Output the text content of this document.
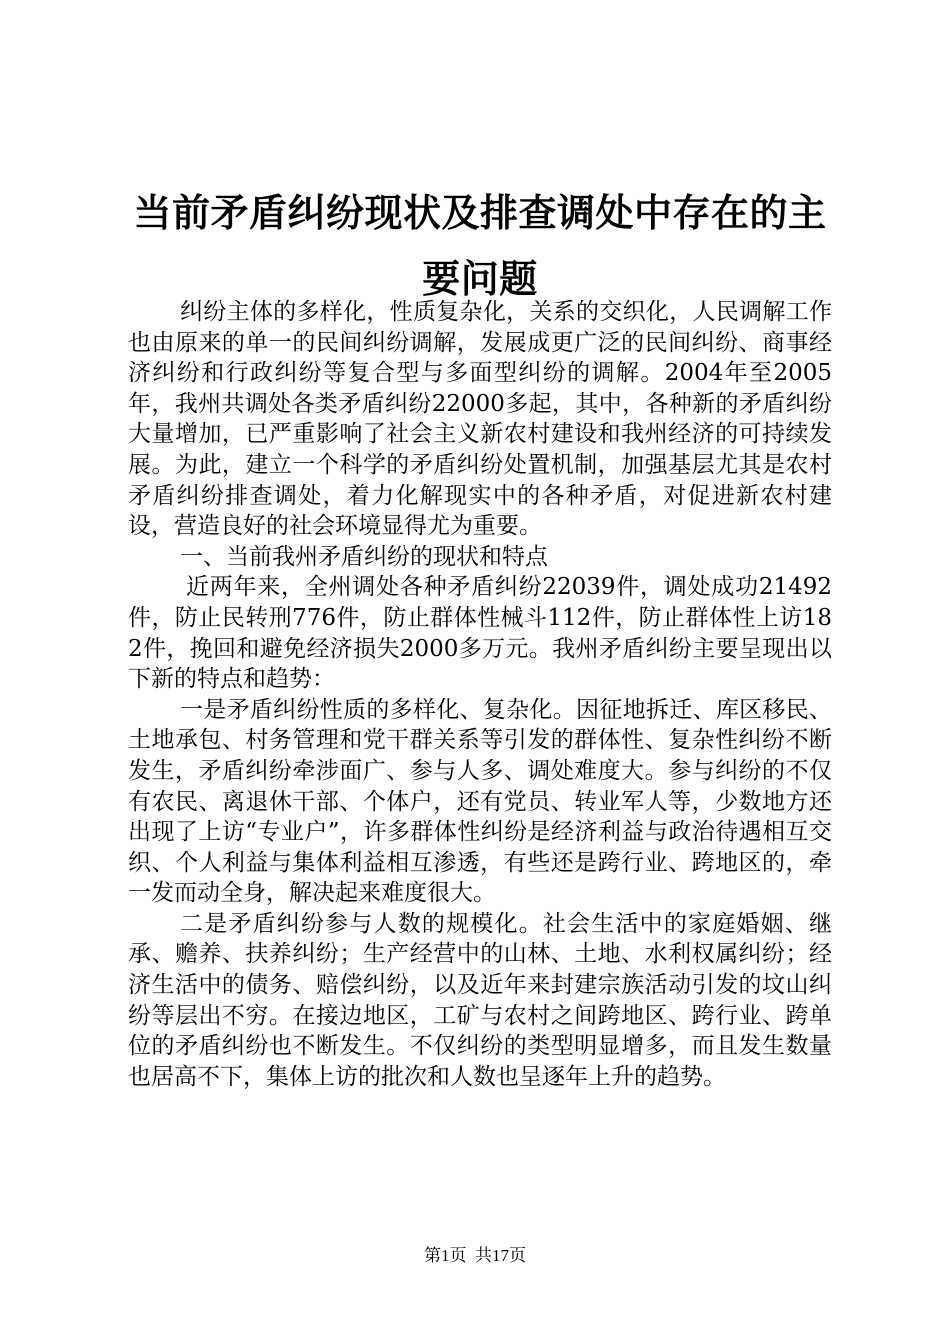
当前矛盾纠纷现状及排查调处中存在的主要问题

纠纷主体的多样化，性质复杂化，关系的交织化，人民调解工作也由原来的单一的民间纠纷调解，发展成更广泛的民间纠纷、商事经济纠纷和行政纠纷等复合型与多面型纠纷的调解。2004年至2005年，我州共调处各类矛盾纠纷22000多起，其中，各种新的矛盾纠纷大量增加，已严重影响了社会主义新农村建设和我州经济的可持续发展。为此，建立一个科学的矛盾纠纷处置机制，加强基层尤其是农村矛盾纠纷排查调处，着力化解现实中的各种矛盾，对促进新农村建设，营造良好的社会环境显得尤为重要。

一、当前我州矛盾纠纷的现状和特点

近两年来，全州调处各种矛盾纠纷22039件，调处成功21492件，防止民转刑776件，防止群体性械斗112件，防止群体性上访182件，挽回和避免经济损失2000多万元。我州矛盾纠纷主要呈现出以下新的特点和趋势：

一是矛盾纠纷性质的多样化、复杂化。因征地拆迁、库区移民、土地承包、村务管理和党干群关系等引发的群体性、复杂性纠纷不断发生，矛盾纠纷牵涉面广、参与人多、调处难度大。参与纠纷的不仅有农民、离退休干部、个体户，还有党员、转业军人等，少数地方还出现了上访“专业户”，许多群体性纠纷是经济利益与政治待遇相互交织、个人利益与集体利益相互渗透，有些还是跨行业、跨地区的，牵一发而动全身，解决起来难度很大。

二是矛盾纠纷参与人数的规模化。社会生活中的家庭婚姻、继承、赡养、扶养纠纷；生产经营中的山林、土地、水利权属纠纷；经济生活中的债务、赔偿纠纷，以及近年来封建宗族活动引发的坟山纠纷等层出不穷。在接边地区，工矿与农村之间跨地区、跨行业、跨单位的矛盾纠纷也不断发生。不仅纠纷的类型明显增多，而且发生数量也居高不下，集体上访的批次和人数也呈逐年上升的趋势。

第1页 共17页
